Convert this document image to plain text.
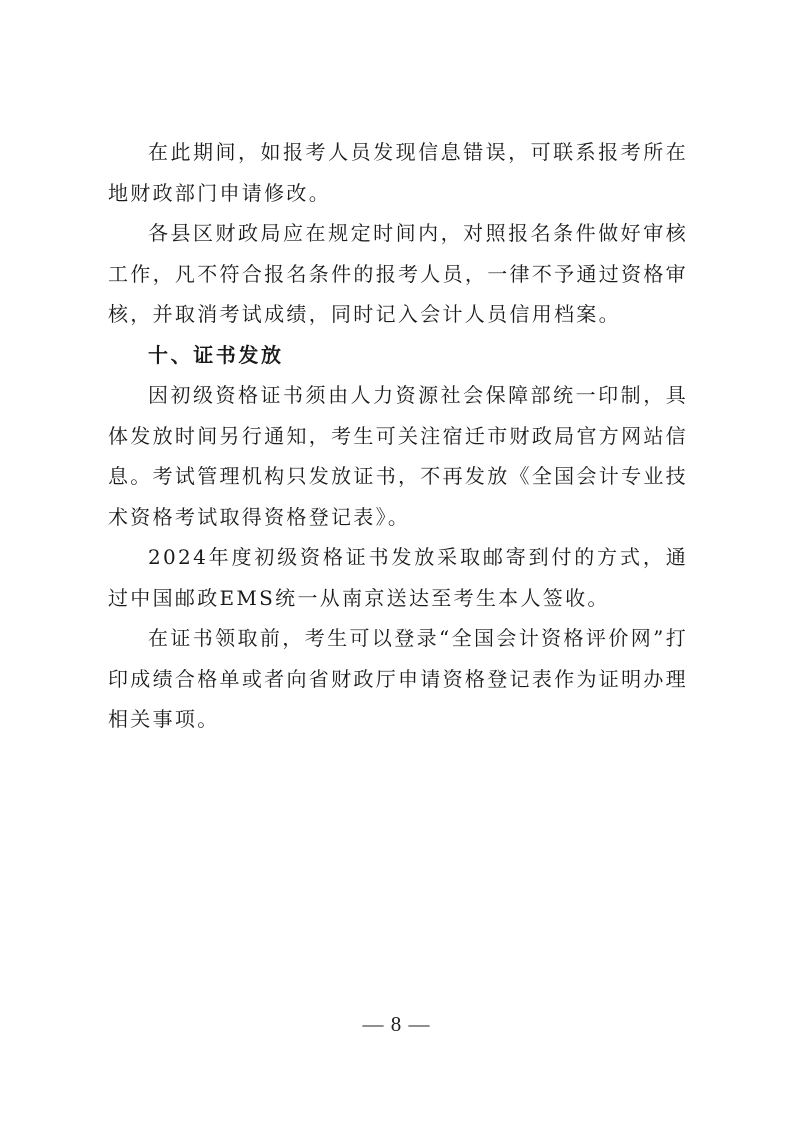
在此期间，如报考人员发现信息错误，可联系报考所在地财政部门申请修改。

各县区财政局应在规定时间内，对照报名条件做好审核工作，凡不符合报名条件的报考人员，一律不予通过资格审核，并取消考试成绩，同时记入会计人员信用档案。

十、证书发放

因初级资格证书须由人力资源社会保障部统一印制，具体发放时间另行通知，考生可关注宿迁市财政局官方网站信息。考试管理机构只发放证书，不再发放《全国会计专业技术资格考试取得资格登记表》。

2024年度初级资格证书发放采取邮寄到付的方式，通过中国邮政EMS统一从南京送达至考生本人签收。

在证书领取前，考生可以登录“全国会计资格评价网”打印成绩合格单或者向省财政厅申请资格登记表作为证明办理相关事项。

— 8 —
